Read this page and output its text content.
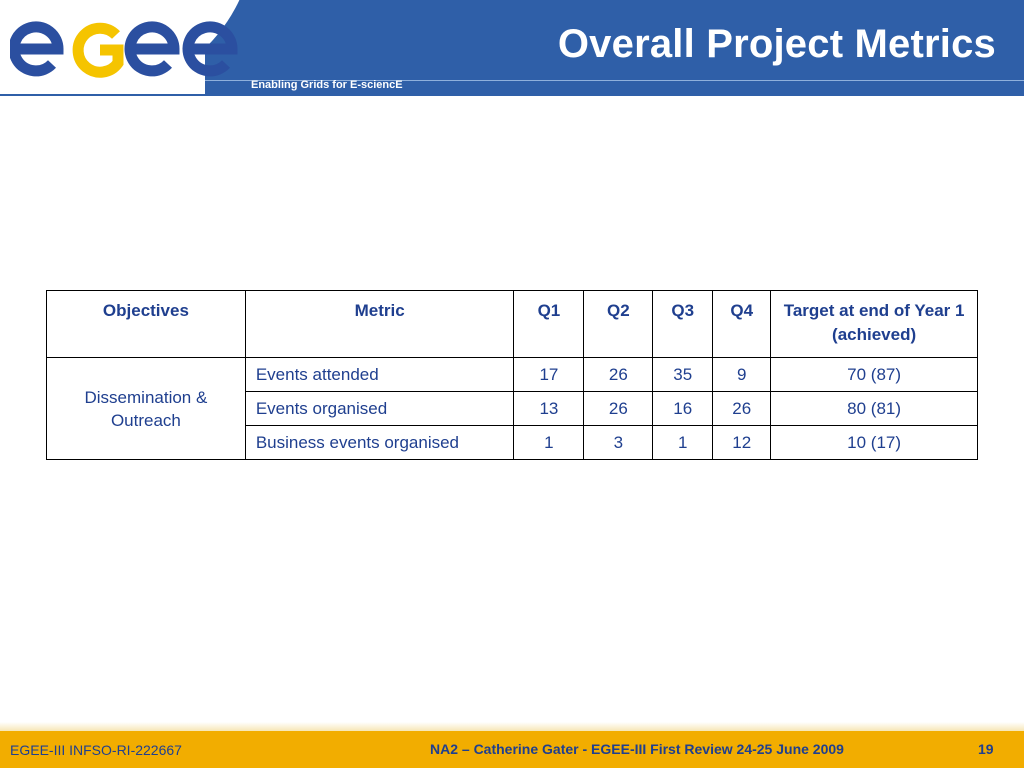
Enabling Grids for E-sciencE
Overall Project Metrics
Objectives	Metric	Q1	Q2	Q3	Q4	Target at end of Year 1 (achieved)
Dissemination & Outreach	Events attended	17	26	35	9	70 (87)
	Events organised	13	26	16	26	80 (81)
	Business events organised	1	3	1	12	10 (17)
EGEE-III INFSO-RI-222667	NA2 – Catherine Gater - EGEE-III First Review 24-25 June 2009	19
